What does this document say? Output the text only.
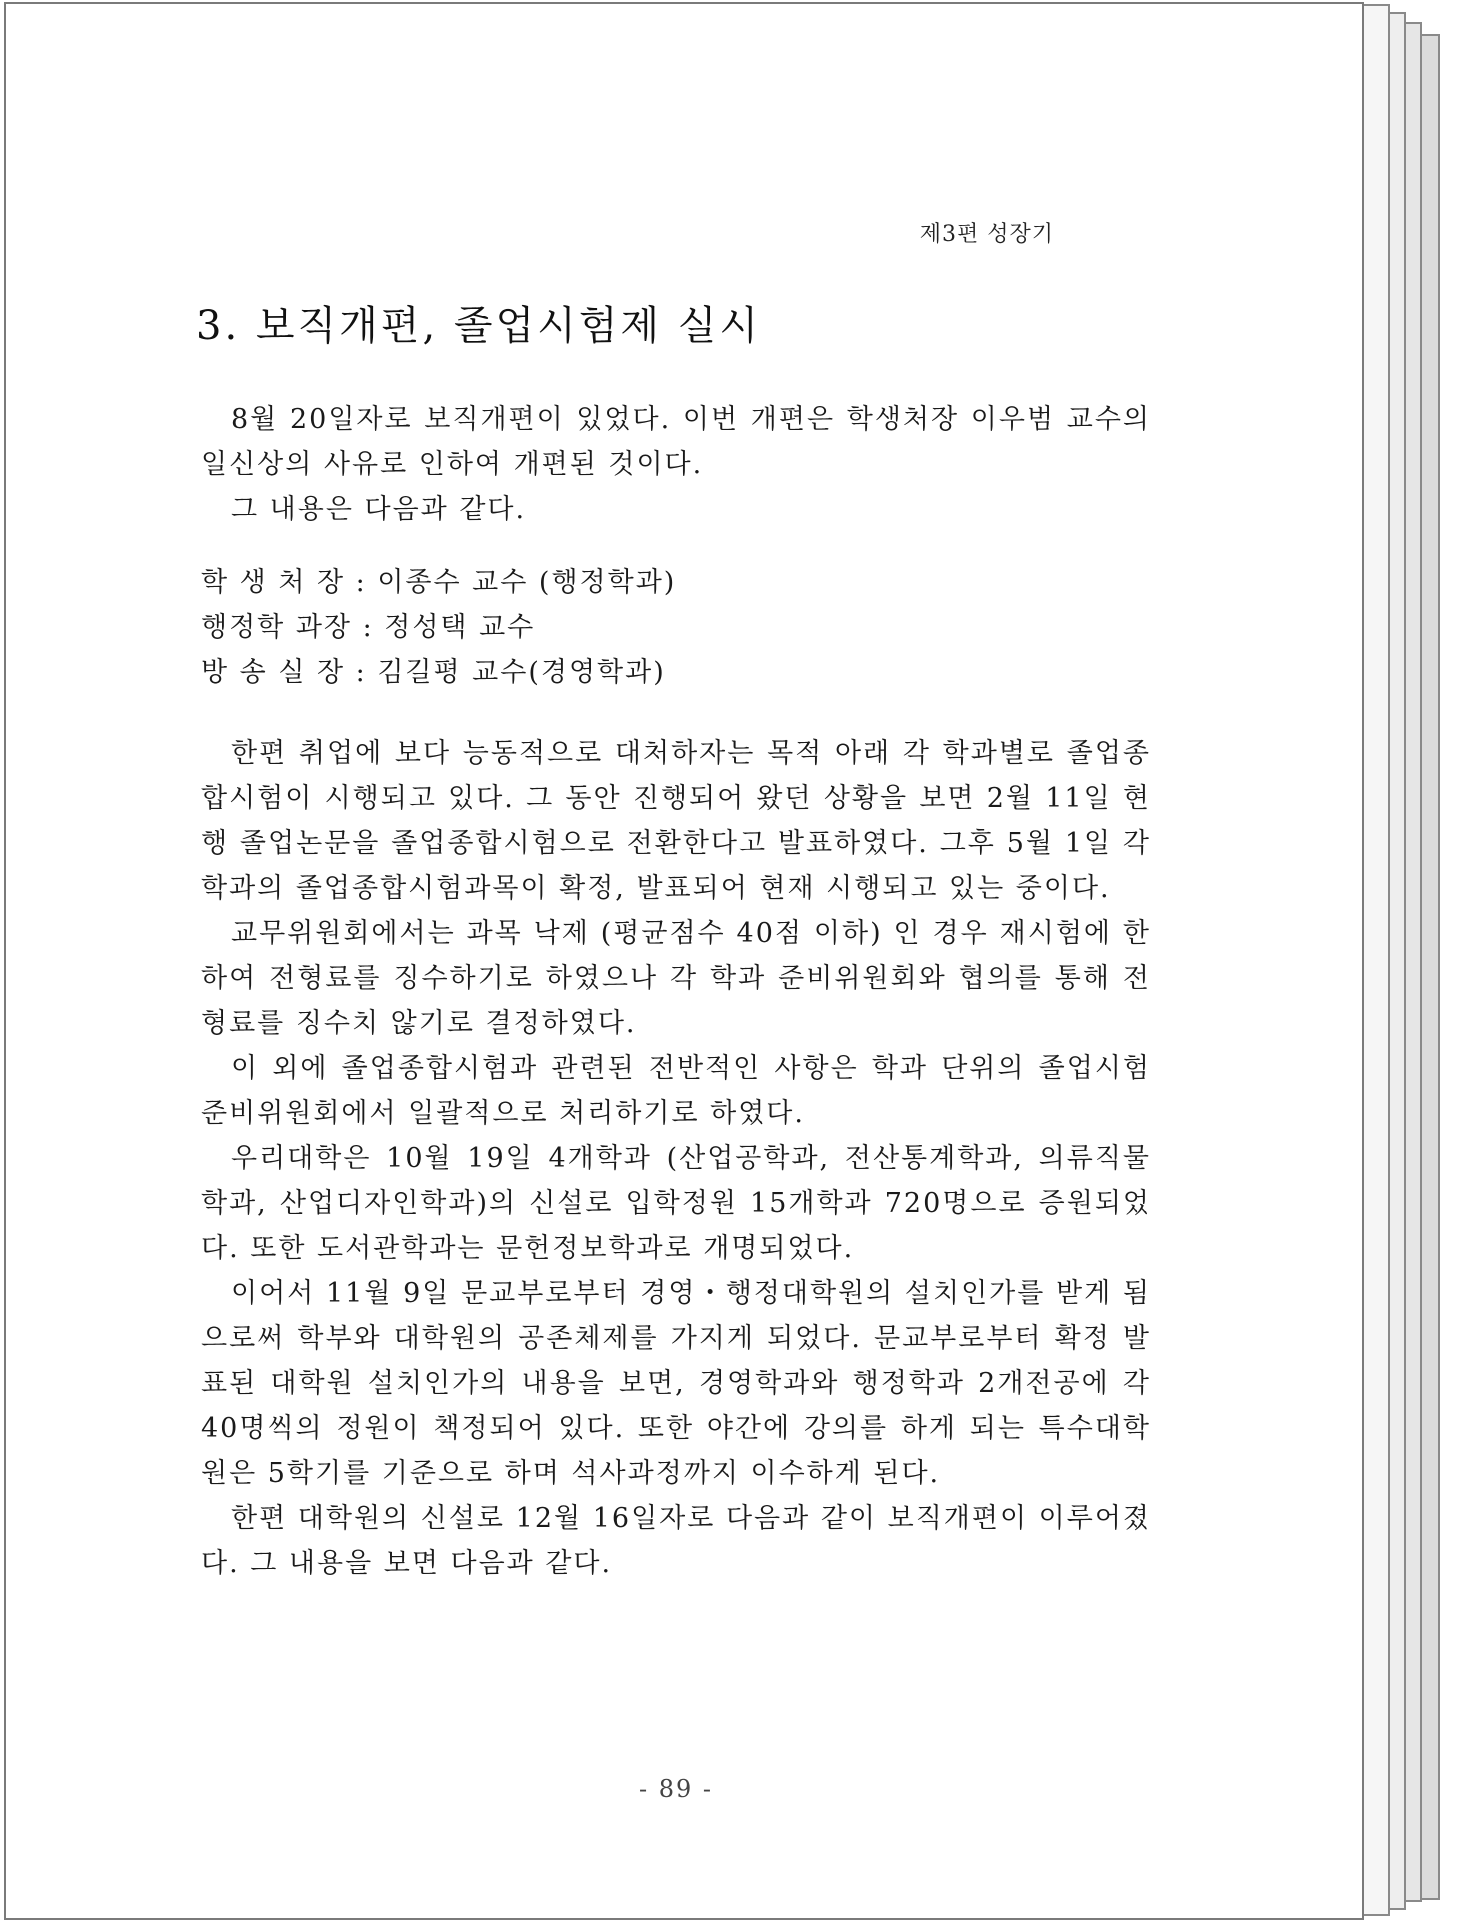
제3편 성장기
3. 보직개편, 졸업시험제 실시

8월 20일자로 보직개편이 있었다. 이번 개편은 학생처장 이우범 교수의 일신상의 사유로 인하여 개편된 것이다.

그 내용은 다음과 같다.

학 생 처 장 : 이종수 교수 (행정학과)

행정학 과장 : 정성택 교수

방 송 실 장 : 김길평 교수(경영학과)

한편 취업에 보다 능동적으로 대처하자는 목적 아래 각 학과별로 졸업종합시험이 시행되고 있다. 그 동안 진행되어 왔던 상황을 보면 2월 11일 현행 졸업논문을 졸업종합시험으로 전환한다고 발표하였다. 그후 5월 1일 각 학과의 졸업종합시험과목이 확정, 발표되어 현재 시행되고 있는 중이다.

교무위원회에서는 과목 낙제 (평균점수 40점 이하) 인 경우 재시험에 한하여 전형료를 징수하기로 하였으나 각 학과 준비위원회와 협의를 통해 전형료를 징수치 않기로 결정하였다.

이 외에 졸업종합시험과 관련된 전반적인 사항은 학과 단위의 졸업시험준비위원회에서 일괄적으로 처리하기로 하였다.

우리대학은 10월 19일 4개학과 (산업공학과, 전산통계학과, 의류직물학과, 산업디자인학과)의 신설로 입학정원 15개학과 720명으로 증원되었다. 또한 도서관학과는 문헌정보학과로 개명되었다.

이어서 11월 9일 문교부로부터 경영・행정대학원의 설치인가를 받게 됨으로써 학부와 대학원의 공존체제를 가지게 되었다. 문교부로부터 확정 발표된 대학원 설치인가의 내용을 보면, 경영학과와 행정학과 2개전공에 각 40명씩의 정원이 책정되어 있다. 또한 야간에 강의를 하게 되는 특수대학원은 5학기를 기준으로 하며 석사과정까지 이수하게 된다.

한편 대학원의 신설로 12월 16일자로 다음과 같이 보직개편이 이루어졌다. 그 내용을 보면 다음과 같다.

- 89 -
